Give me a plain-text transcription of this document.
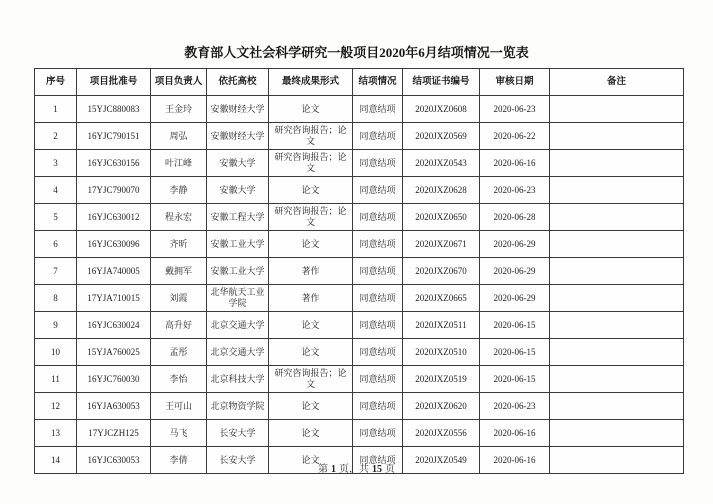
教育部人文社会科学研究一般项目2020年6月结项情况一览表
序号	项目批准号	项目负责人	依托高校	最终成果形式	结项情况	结项证书编号	审核日期	备注
1	15YJC880083	王金玲	安徽财经大学	论文	同意结项	2020JXZ0608	2020-06-23	
2	16YJC790151	周弘	安徽财经大学	研究咨询报告；论文	同意结项	2020JXZ0569	2020-06-22	
3	16YJC630156	叶江峰	安徽大学	研究咨询报告；论文	同意结项	2020JXZ0543	2020-06-16	
4	17YJC790070	李静	安徽大学	论文	同意结项	2020JXZ0628	2020-06-23	
5	16YJC630012	程永宏	安徽工程大学	研究咨询报告；论文	同意结项	2020JXZ0650	2020-06-28	
6	16YJC630096	齐昕	安徽工业大学	论文	同意结项	2020JXZ0671	2020-06-29	
7	16YJA740005	戴拥军	安徽工业大学	著作	同意结项	2020JXZ0670	2020-06-29	
8	17YJA710015	刘霞	北华航天工业学院	著作	同意结项	2020JXZ0665	2020-06-29	
9	16YJC630024	高升好	北京交通大学	论文	同意结项	2020JXZ0511	2020-06-15	
10	15YJA760025	孟彤	北京交通大学	论文	同意结项	2020JXZ0510	2020-06-15	
11	16YJC760030	李怡	北京科技大学	研究咨询报告；论文	同意结项	2020JXZ0519	2020-06-15	
12	16YJA630053	王可山	北京物资学院	论文	同意结项	2020JXZ0620	2020-06-23	
13	17YJCZH125	马飞	长安大学	论文	同意结项	2020JXZ0556	2020-06-16	
14	16YJC630053	李倩	长安大学	论文	同意结项	2020JXZ0549	2020-06-16	
第 1 页，共 15 页
